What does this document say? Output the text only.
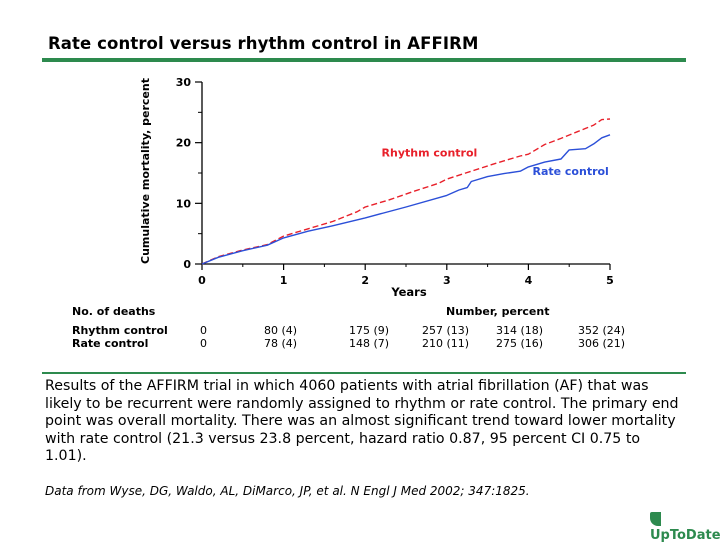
Rate control versus rhythm control in AFFIRM
0	1	2	3	4	5
0
10
20
30
Rhythm control
Rate control
Years
Cumulative mortality, percent
No. of deaths	Number, percent
Rhythm control	0	80 (4)	175 (9)	257 (13) 314 (18)	352 (24)
Rate control	0	78 (4)	148 (7)	210 (11) 275 (16)	306 (21)
Results of the AFFIRM trial in which 4060 patients with atrial fibrillation (AF) that was likely to be recurrent were randomly assigned to rhythm or rate control. The primary end point was overall mortality. There was an almost significant trend toward lower mortality with rate control (21.3 versus 23.8 percent, hazard ratio 0.87, 95 percent CI 0.75 to 1.01).
Data from Wyse, DG, Waldo, AL, DiMarco, JP, et al. N Engl J Med 2002; 347:1825.
UpToDate
